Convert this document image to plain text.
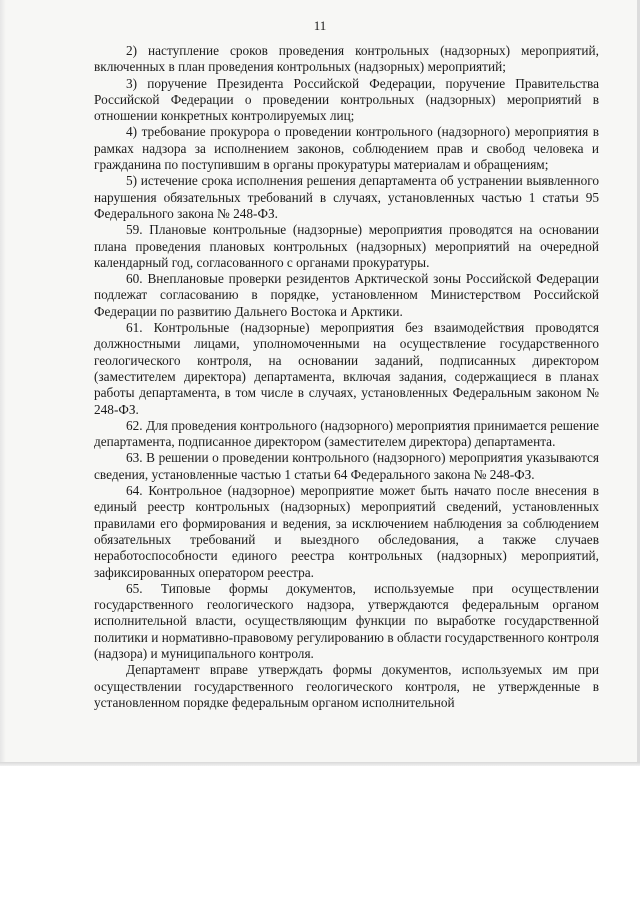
11

2) наступление сроков проведения контрольных (надзорных) мероприятий, включенных в план проведения контрольных (надзорных) мероприятий;

3) поручение Президента Российской Федерации, поручение Правительства Российской Федерации о проведении контрольных (надзорных) мероприятий в отношении конкретных контролируемых лиц;

4) требование прокурора о проведении контрольного (надзорного) мероприятия в рамках надзора за исполнением законов, соблюдением прав и свобод человека и гражданина по поступившим в органы прокуратуры материалам и обращениям;

5) истечение срока исполнения решения департамента об устранении выявленного нарушения обязательных требований в случаях, установленных частью 1 статьи 95 Федерального закона № 248-ФЗ.

59. Плановые контрольные (надзорные) мероприятия проводятся на основании плана проведения плановых контрольных (надзорных) мероприятий на очередной календарный год, согласованного с органами прокуратуры.

60. Внеплановые проверки резидентов Арктической зоны Российской Федерации подлежат согласованию в порядке, установленном Министерством Российской Федерации по развитию Дальнего Востока и Арктики.

61. Контрольные (надзорные) мероприятия без взаимодействия проводятся должностными лицами, уполномоченными на осуществление государственного геологического контроля, на основании заданий, подписанных директором (заместителем директора) департамента, включая задания, содержащиеся в планах работы департамента, в том числе в случаях, установленных Федеральным законом № 248-ФЗ.

62. Для проведения контрольного (надзорного) мероприятия принимается решение департамента, подписанное директором (заместителем директора) департамента.

63. В решении о проведении контрольного (надзорного) мероприятия указываются сведения, установленные частью 1 статьи 64 Федерального закона № 248-ФЗ.

64. Контрольное (надзорное) мероприятие может быть начато после внесения в единый реестр контрольных (надзорных) мероприятий сведений, установленных правилами его формирования и ведения, за исключением наблюдения за соблюдением обязательных требований и выездного обследования, а также случаев неработоспособности единого реестра контрольных (надзорных) мероприятий, зафиксированных оператором реестра.

65. Типовые формы документов, используемые при осуществлении государственного геологического надзора, утверждаются федеральным органом исполнительной власти, осуществляющим функции по выработке государственной политики и нормативно-правовому регулированию в области государственного контроля (надзора) и муниципального контроля.

Департамент вправе утверждать формы документов, используемых им при осуществлении государственного геологического контроля, не утвержденные в установленном порядке федеральным органом исполнительной
